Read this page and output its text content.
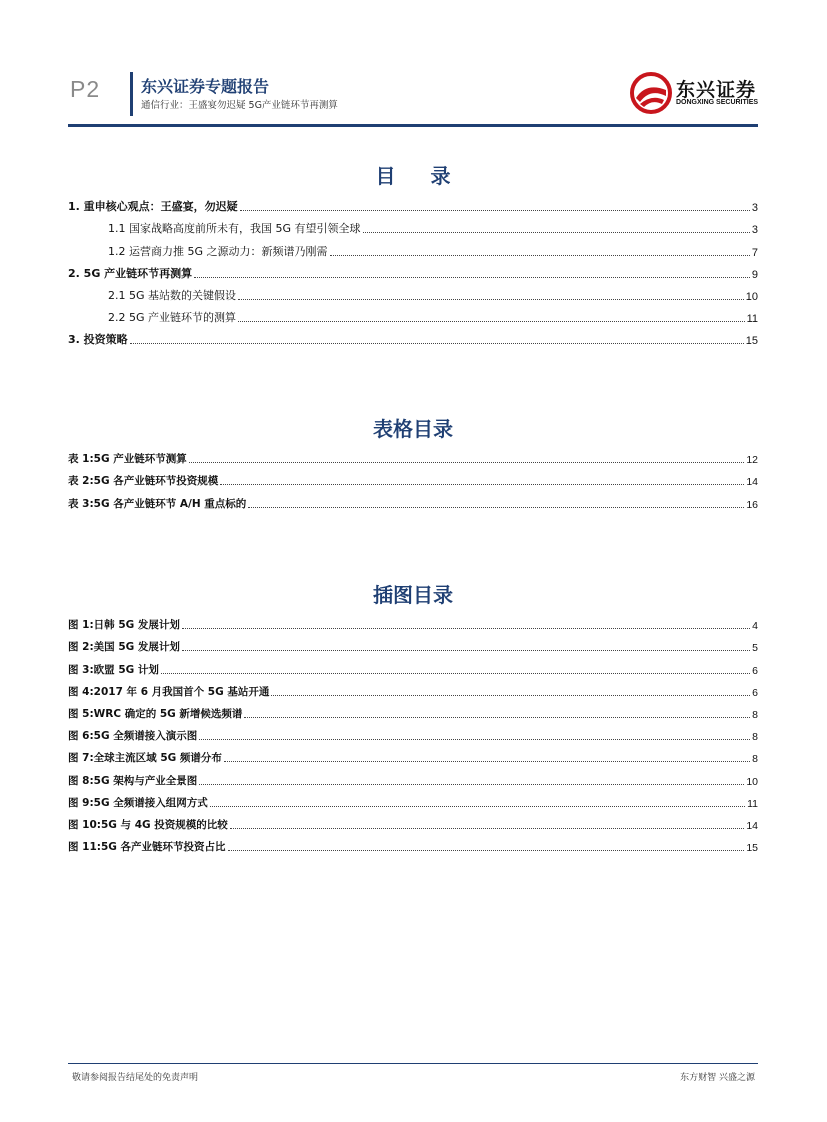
P2	东兴证券专题报告
通信行业：王盛宴勿迟疑 5G产业链环节再测算
东兴证券
DONGXING SECURITIES
目 录
1. 重申核心观点：王盛宴，勿迟疑	3
1.1 国家战略高度前所未有，我国 5G 有望引领全球	3
1.2 运营商力推 5G 之源动力：新频谱乃刚需	7
2. 5G 产业链环节再测算	9
2.1 5G 基站数的关键假设	10
2.2 5G 产业链环节的测算	11
3. 投资策略	15
表格目录
表 1:5G 产业链环节测算	12
表 2:5G 各产业链环节投资规模	14
表 3:5G 各产业链环节 A/H 重点标的	16
插图目录
图 1:日韩 5G 发展计划	4
图 2:美国 5G 发展计划	5
图 3:欧盟 5G 计划	6
图 4:2017 年 6 月我国首个 5G 基站开通	6
图 5:WRC 确定的 5G 新增候选频谱	8
图 6:5G 全频谱接入演示图	8
图 7:全球主流区域 5G 频谱分布	8
图 8:5G 架构与产业全景图	10
图 9:5G 全频谱接入组网方式	11
图 10:5G 与 4G 投资规模的比较	14
图 11:5G 各产业链环节投资占比	15
敬请参阅报告结尾处的免责声明	东方财智 兴盛之源
